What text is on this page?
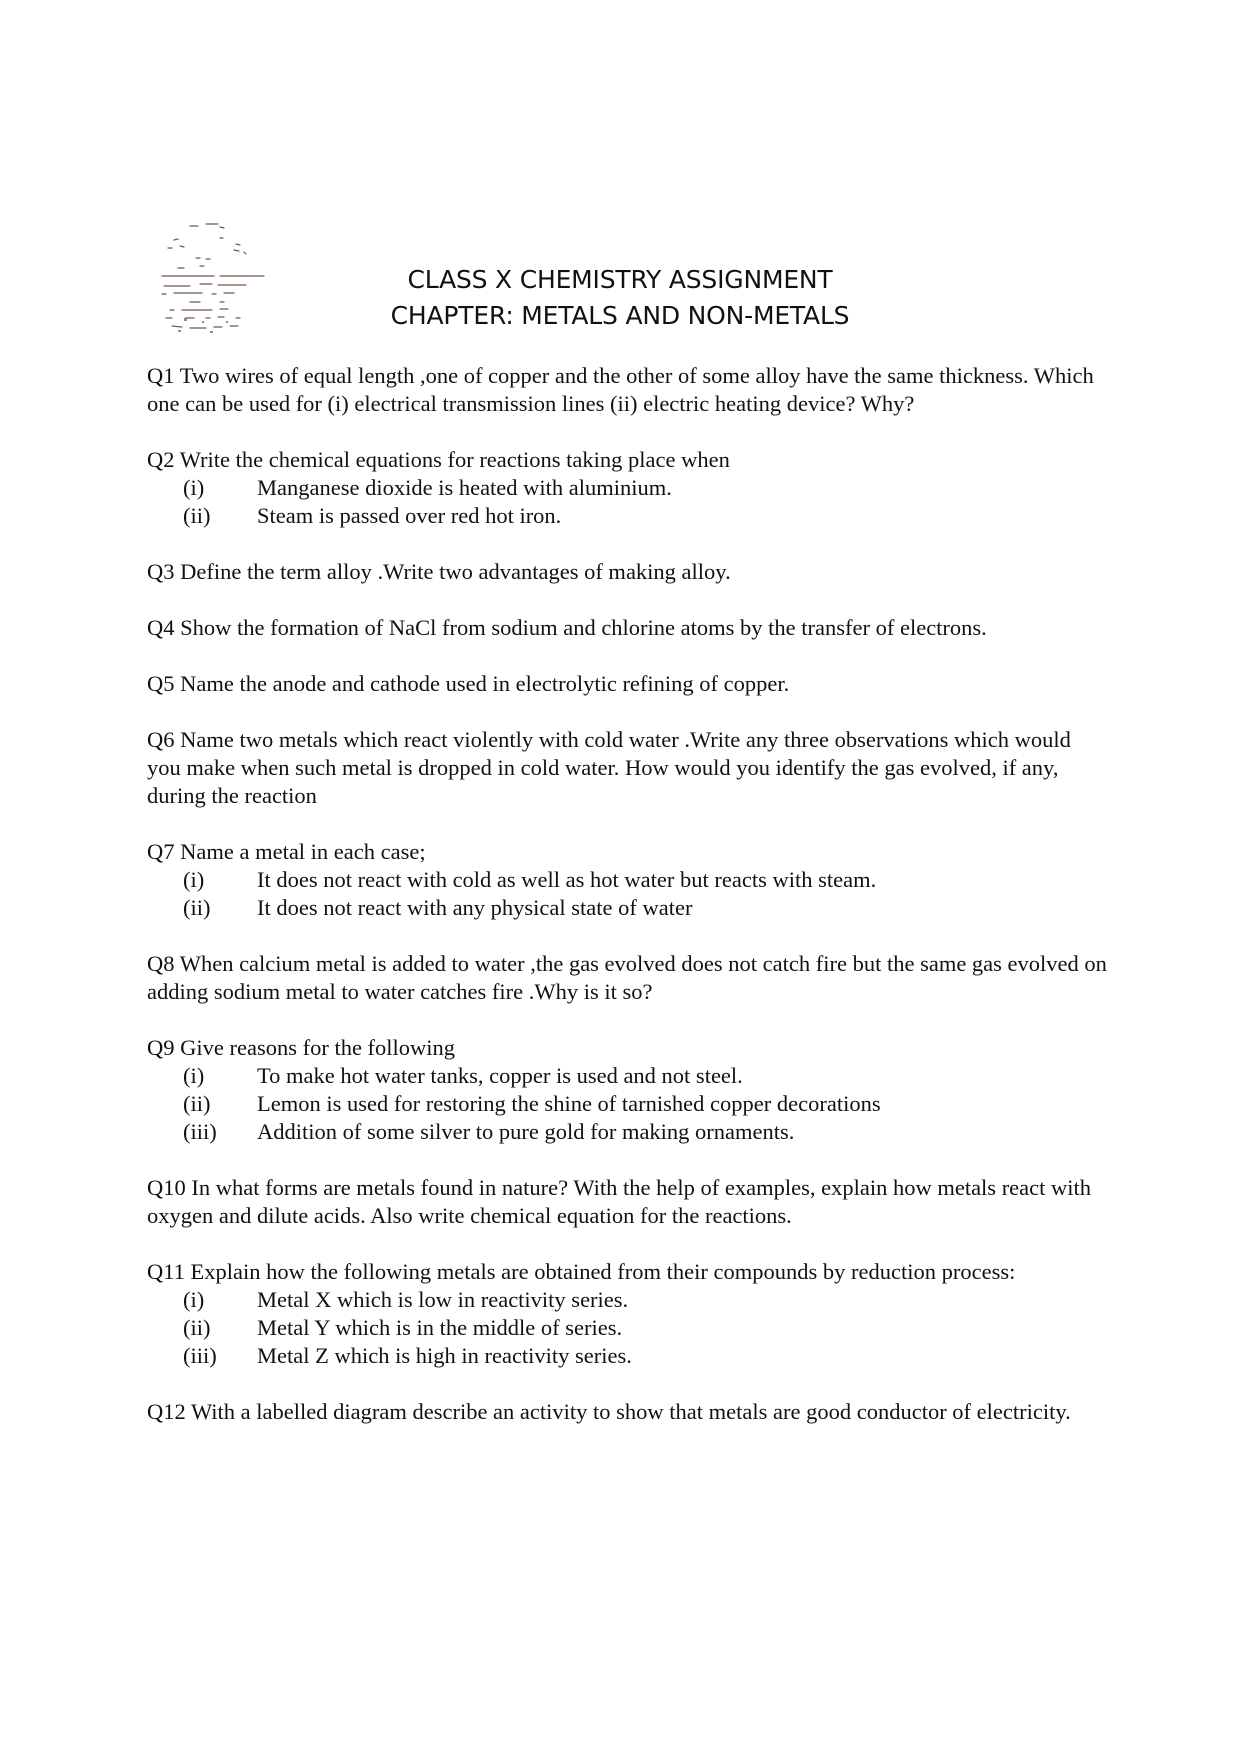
CLASS X CHEMISTRY ASSIGNMENT
CHAPTER: METALS AND NON-METALS
Q1 Two wires of equal length ,one of copper and the other of some alloy have the same thickness. Which one can be used for (i) electrical transmission lines (ii) electric heating device? Why?
Q2 Write the chemical equations for reactions taking place when
(i) Manganese dioxide is heated with aluminium.
(ii) Steam is passed over red hot iron.
Q3 Define the term alloy .Write two advantages of making alloy.
Q4 Show the formation of NaCl from sodium and chlorine atoms by the transfer of electrons.
Q5 Name the anode and cathode used in electrolytic refining of copper.
Q6 Name two metals which react violently with cold water .Write any three observations which would you make when such metal is dropped in cold water. How would you identify the gas evolved, if any, during the reaction
Q7 Name a metal in each case;
(i) It does not react with cold as well as hot water but reacts with steam.
(ii) It does not react with any physical state of water
Q8 When calcium metal is added to water ,the gas evolved does not catch fire but the same gas evolved on adding sodium metal to water catches fire .Why is it so?
Q9 Give reasons for the following
(i) To make hot water tanks, copper is used and not steel.
(ii) Lemon is used for restoring the shine of tarnished copper decorations
(iii) Addition of some silver to pure gold for making ornaments.
Q10 In what forms are metals found in nature? With the help of examples, explain how metals react with oxygen and dilute acids. Also write chemical equation for the reactions.
Q11 Explain how the following metals are obtained from their compounds by reduction process:
(i) Metal X which is low in reactivity series.
(ii) Metal Y which is in the middle of series.
(iii) Metal Z which is high in reactivity series.
Q12 With a labelled diagram describe an activity to show that metals are good conductor of electricity.
